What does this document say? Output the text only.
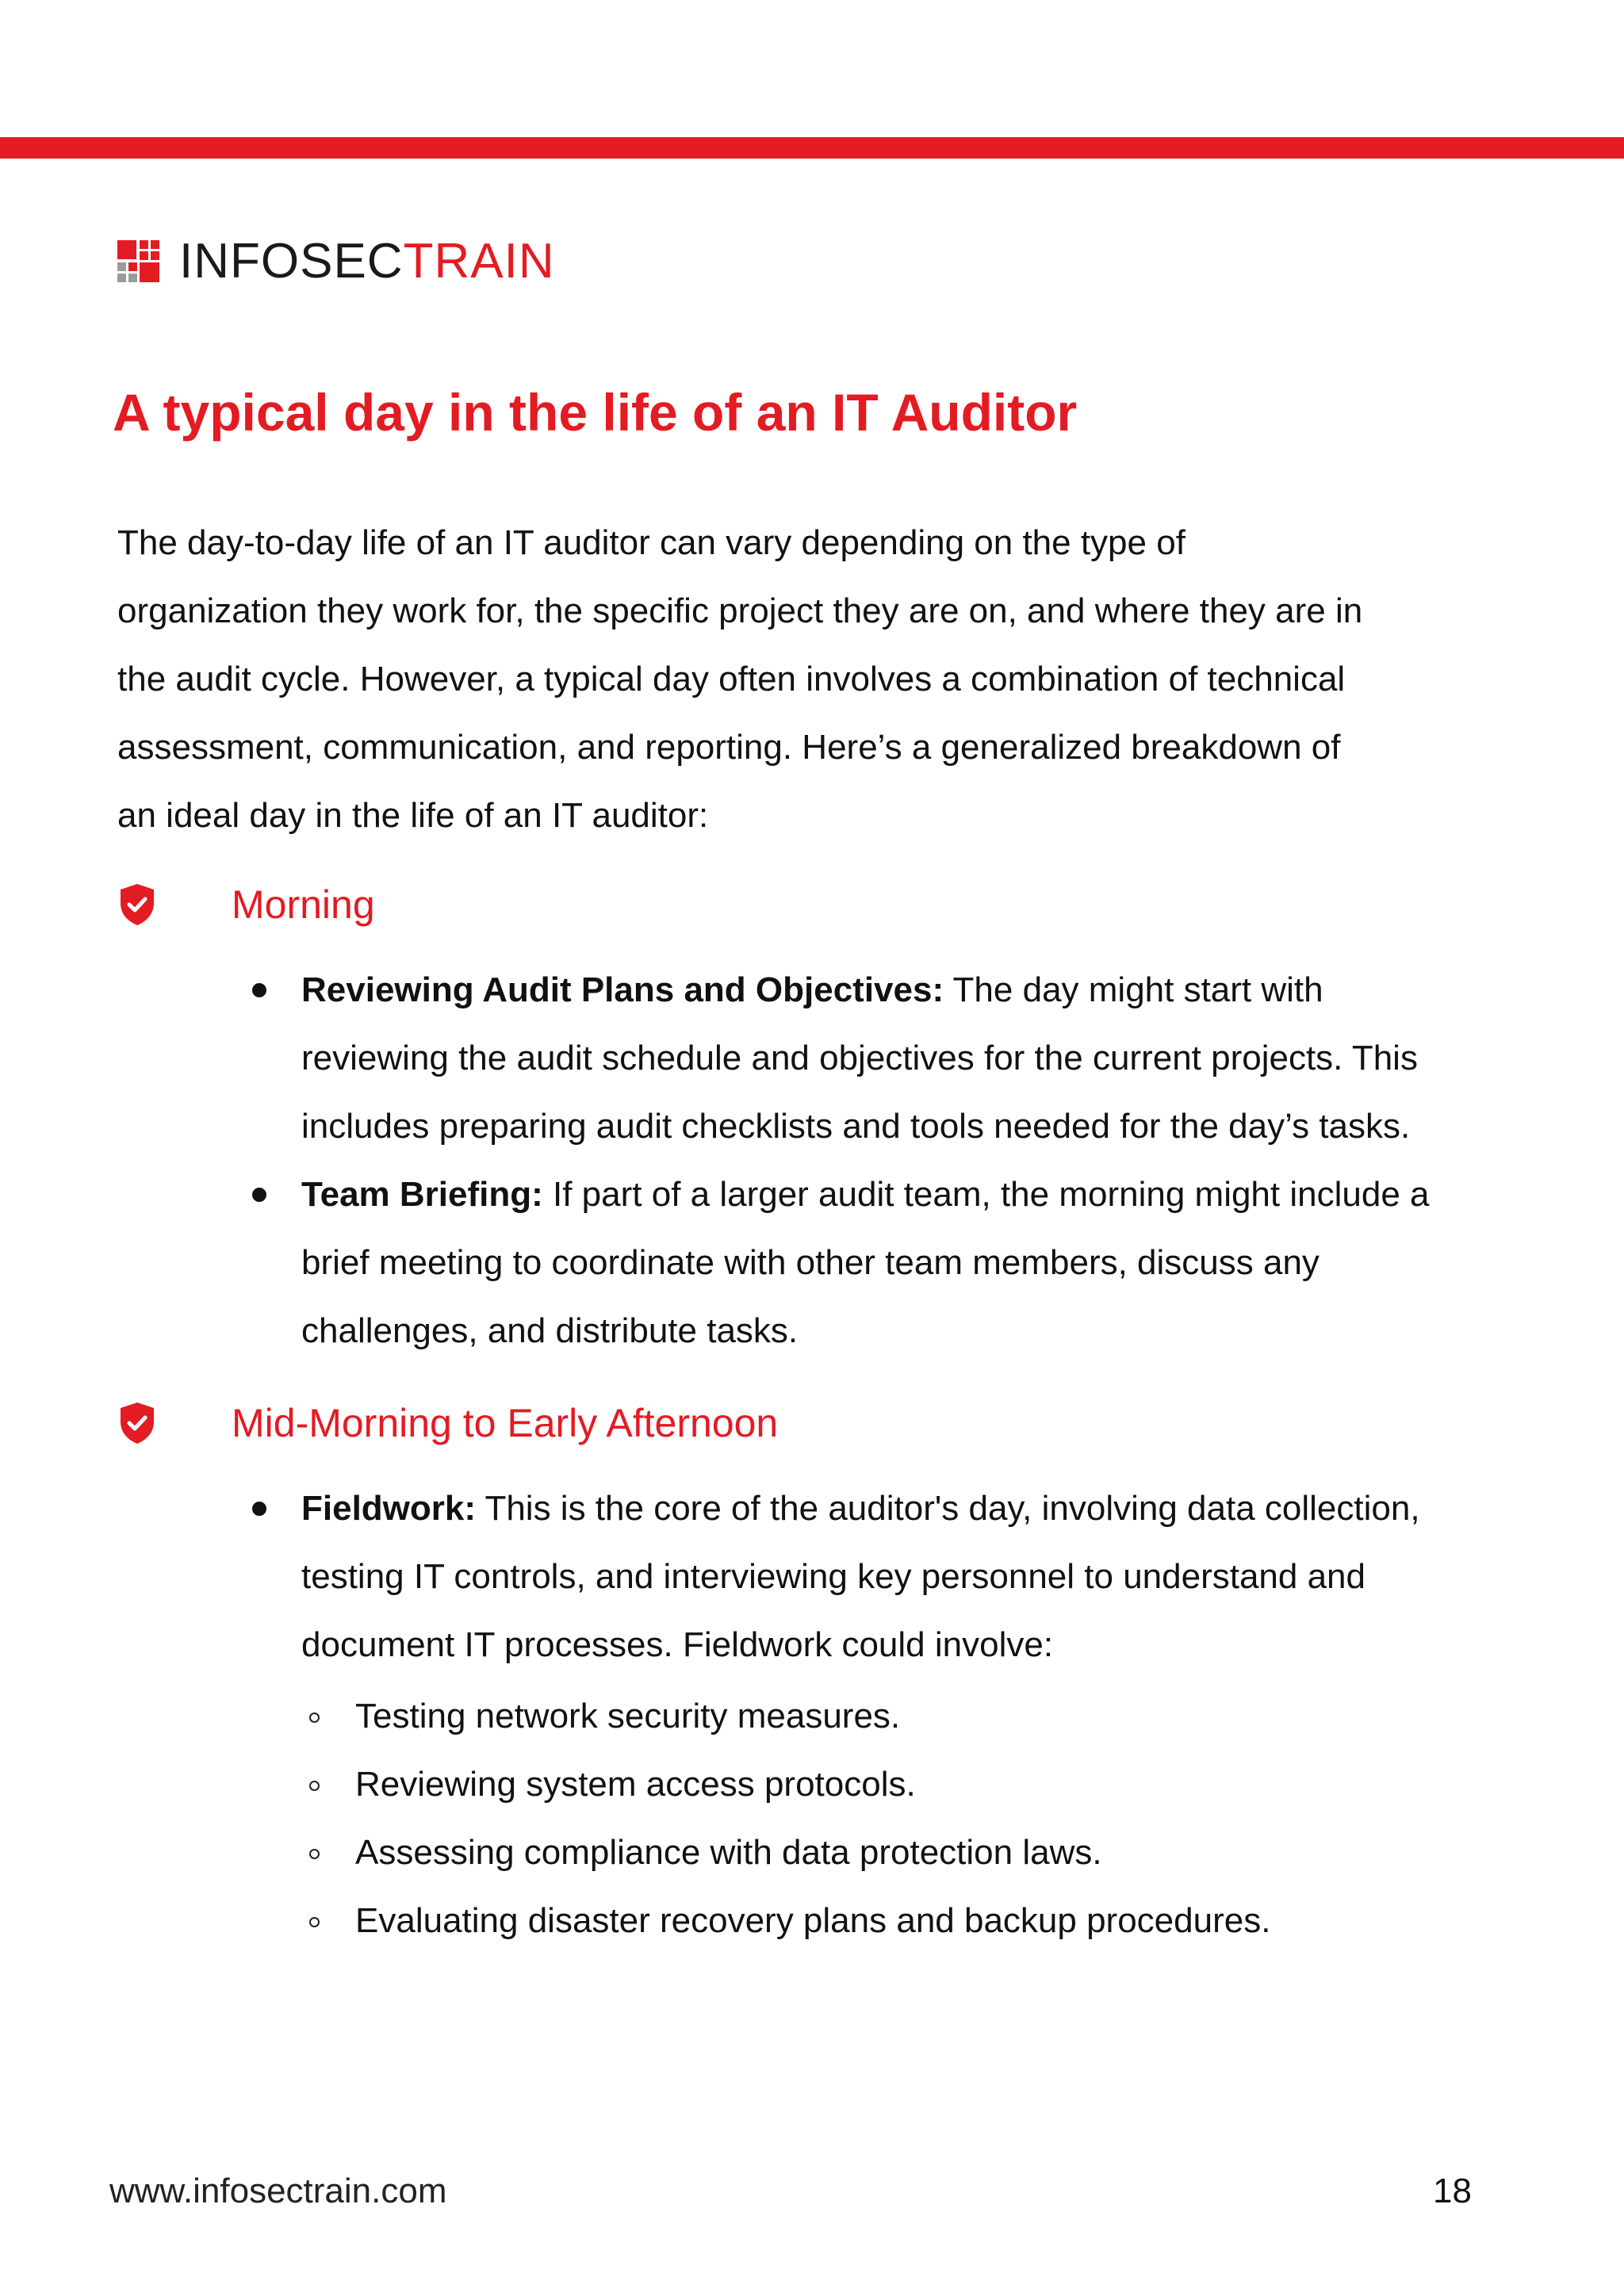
INFOSECTRAIN
A typical day in the life of an IT Auditor

The day-to-day life of an IT auditor can vary depending on the type of organization they work for, the specific project they are on, and where they are in the audit cycle. However, a typical day often involves a combination of technical assessment, communication, and reporting. Here’s a generalized breakdown of an ideal day in the life of an IT auditor:

Morning
Reviewing Audit Plans and Objectives: The day might start with reviewing the audit schedule and objectives for the current projects. This includes preparing audit checklists and tools needed for the day’s tasks.
Team Briefing: If part of a larger audit team, the morning might include a brief meeting to coordinate with other team members, discuss any challenges, and distribute tasks.
Mid-Morning to Early Afternoon
Fieldwork: This is the core of the auditor's day, involving data collection, testing IT controls, and interviewing key personnel to understand and document IT processes. Fieldwork could involve:
Testing network security measures.
Reviewing system access protocols.
Assessing compliance with data protection laws.
Evaluating disaster recovery plans and backup procedures.
www.infosectrain.com	18
